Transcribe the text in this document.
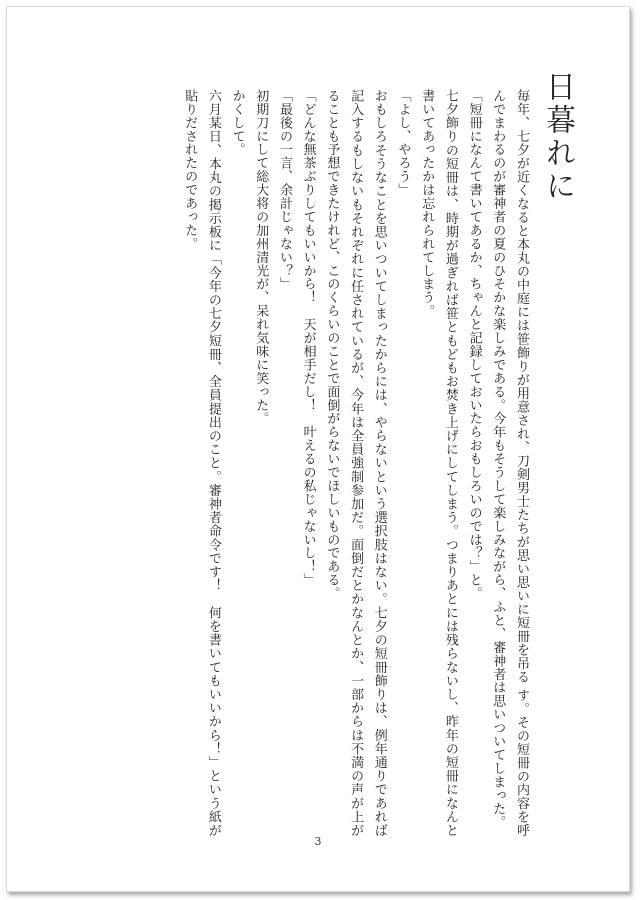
日暮れに

毎年、七夕が近くなると本丸の中庭には笹飾りが用意され、刀剣男士たちが思い思いに短冊を吊る す。その短冊の内容を呼んでまわるのが審神者の夏のひそかな楽しみである。今年もそうして楽しみながら、ふと、審神者は思いついてしまった。

「短冊になんて書いてあるか、ちゃんと記録しておいたらおもしろいのでは？」と。

七夕飾りの短冊は、時期が過ぎれば笹ともどもお焚き上げにしてしまう。つまりあとには残らないし、昨年の短冊になんと書いてあったかは忘れられてしまう。

「よし、やろう」

おもしろそうなことを思いついてしまったからには、やらないという選択肢はない。七夕の短冊飾りは、例年通りであれば記入するもしないもそれぞれに任されているが、今年は全員強制参加だ。面倒だとかなんとか、一部からは不満の声が上がることも予想できたけれど、このくらいのことで面倒がらないでほしいものである。

「どんな無茶ぶりしてもいいから！　天が相手だし！　叶えるの私じゃないし！」

「最後の一言、余計じゃない？」

初期刀にして総大将の加州清光が、呆れ気味に笑った。

かくして。

六月某日、本丸の掲示板に「今年の七夕短冊、全員提出のこと。審神者命令です！　何を書いてもいいから！」という紙が貼りだされたのであった。

3
